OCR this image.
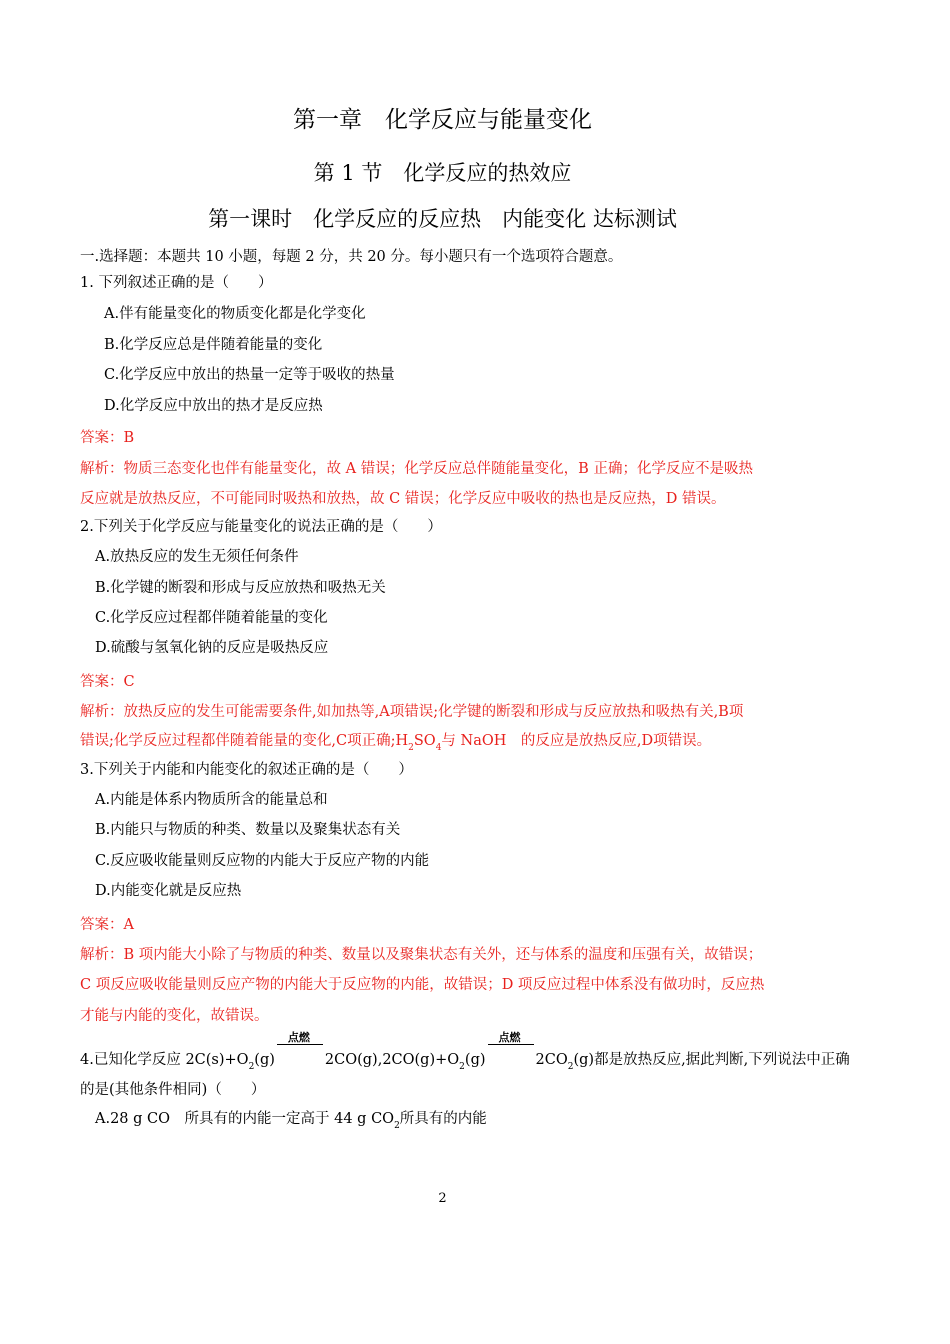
第一章　化学反应与能量变化
第 1 节　化学反应的热效应
第一课时　化学反应的反应热　内能变化 达标测试
一.选择题：本题共 10 小题，每题 2 分，共 20 分。每小题只有一个选项符合题意。
1. 下列叙述正确的是（　　）
A.伴有能量变化的物质变化都是化学变化
B.化学反应总是伴随着能量的变化
C.化学反应中放出的热量一定等于吸收的热量
D.化学反应中放出的热才是反应热
答案：B
解析：物质三态变化也伴有能量变化，故 A 错误；化学反应总伴随能量变化，B 正确；化学反应不是吸热
反应就是放热反应，不可能同时吸热和放热，故 C 错误；化学反应中吸收的热也是反应热，D 错误。
2.下列关于化学反应与能量变化的说法正确的是（　　）
A.放热反应的发生无须任何条件
B.化学键的断裂和形成与反应放热和吸热无关
C.化学反应过程都伴随着能量的变化
D.硫酸与氢氧化钠的反应是吸热反应
答案：C
解析：放热反应的发生可能需要条件,如加热等,A项错误;化学键的断裂和形成与反应放热和吸热有关,B项
错误;化学反应过程都伴随着能量的变化,C项正确$;H_2SO_4$与 NaOH　的反应是放热反应,D项错误。
3.下列关于内能和内能变化的叙述正确的是（　　）
A.内能是体系内物质所含的能量总和
B.内能只与物质的种类、数量以及聚集状态有关
C.反应吸收能量则反应物的内能大于反应产物的内能
D.内能变化就是反应热
答案：A
解析：B 项内能大小除了与物质的种类、数量以及聚集状态有关外，还与体系的温度和压强有关，故错误；
C 项反应吸收能量则反应产物的内能大于反应物的内能，故错误；D 项反应过程中体系没有做功时，反应热
才能与内能的变化，故错误。
4.已知化学反应 $2C(s)+O_2(g)$
点燃
$2CO(g),2CO(g)+O_2(g)$
点燃
$2CO_2(g)$都是放热反应,据此判断,下列说法中正确
的是(其他条件相同)（　　）
A.28 g CO　所具有的内能一定高于 44 g $CO_2$所具有的内能
2
